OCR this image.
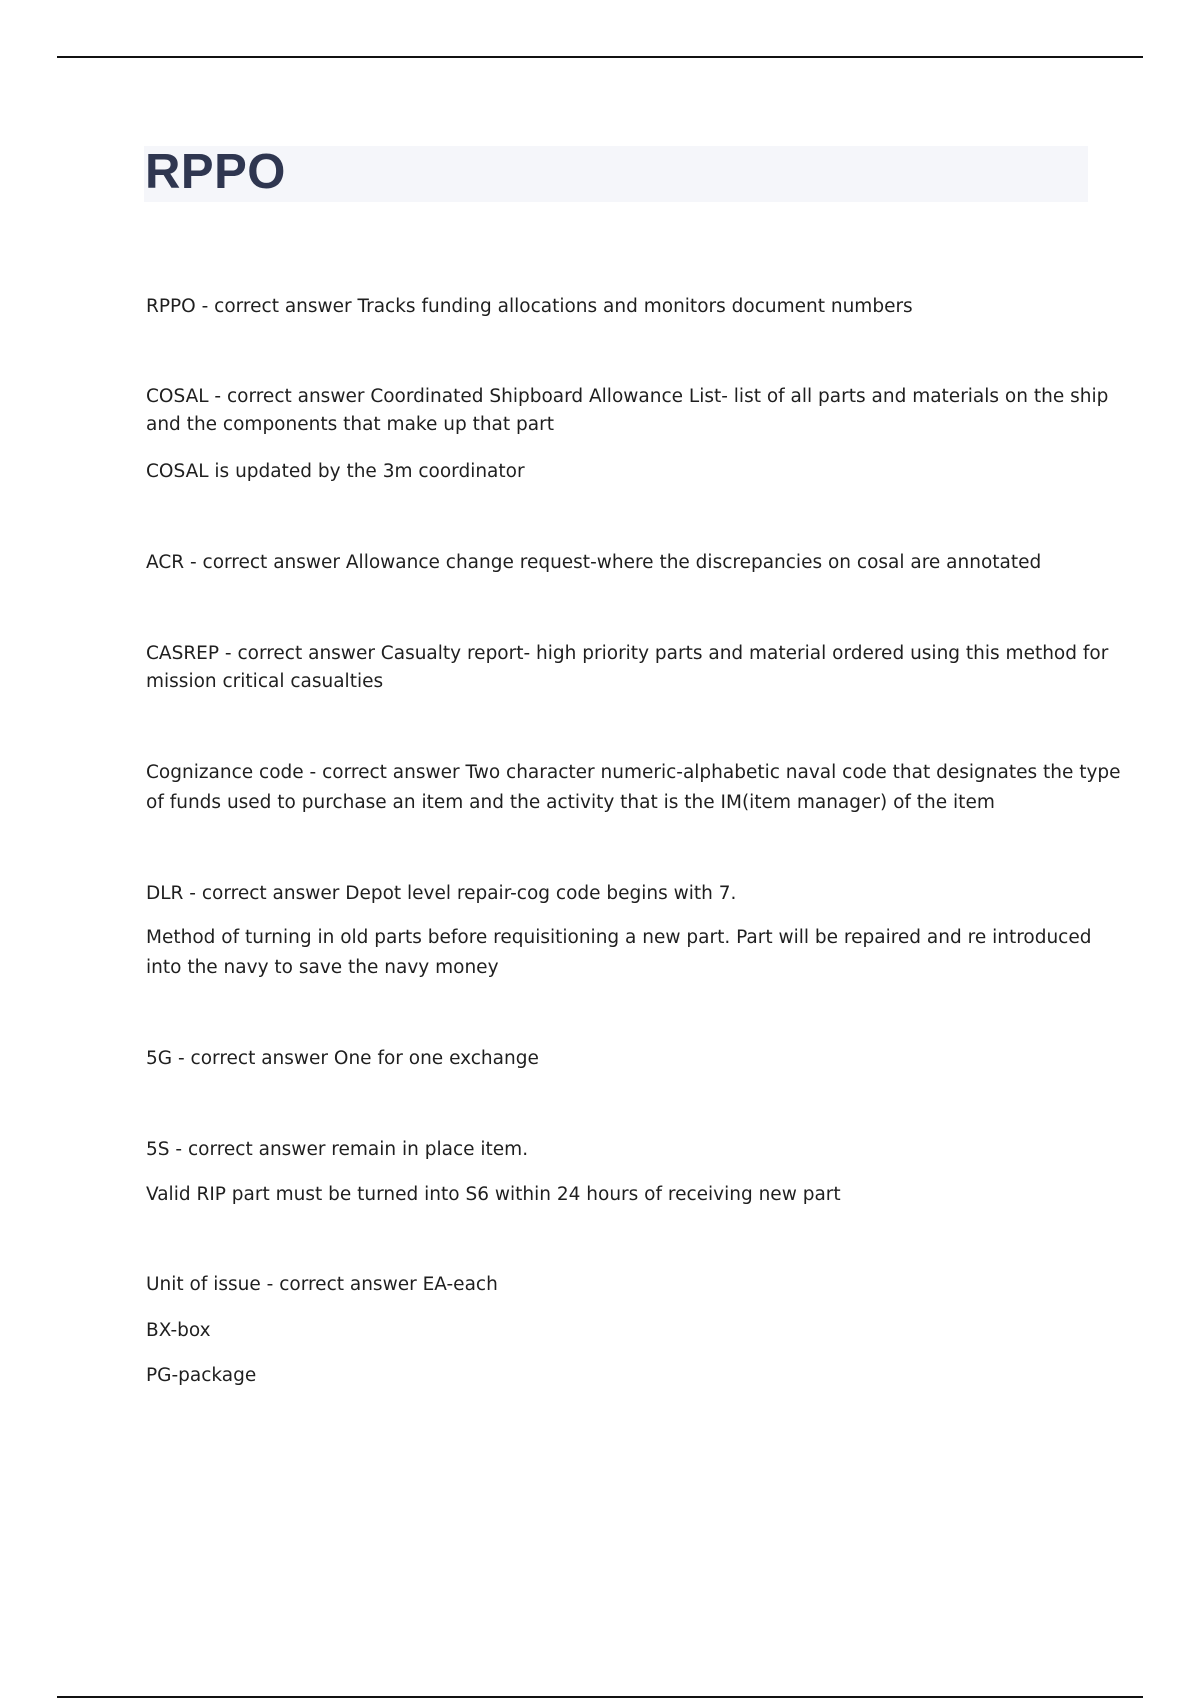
RPPO
RPPO - correct answer Tracks funding allocations and monitors document numbers
COSAL - correct answer Coordinated Shipboard Allowance List- list of all parts and materials on the ship
and the components that make up that part
COSAL is updated by the 3m coordinator
ACR - correct answer Allowance change request-where the discrepancies on cosal are annotated
CASREP - correct answer Casualty report- high priority parts and material ordered using this method for
mission critical casualties
Cognizance code - correct answer Two character numeric-alphabetic naval code that designates the type
of funds used to purchase an item and the activity that is the IM(item manager) of the item
DLR - correct answer Depot level repair-cog code begins with 7.
Method of turning in old parts before requisitioning a new part. Part will be repaired and re introduced
into the navy to save the navy money
5G - correct answer One for one exchange
5S - correct answer remain in place item.
Valid RIP part must be turned into S6 within 24 hours of receiving new part
Unit of issue - correct answer EA-each
BX-box
PG-package
